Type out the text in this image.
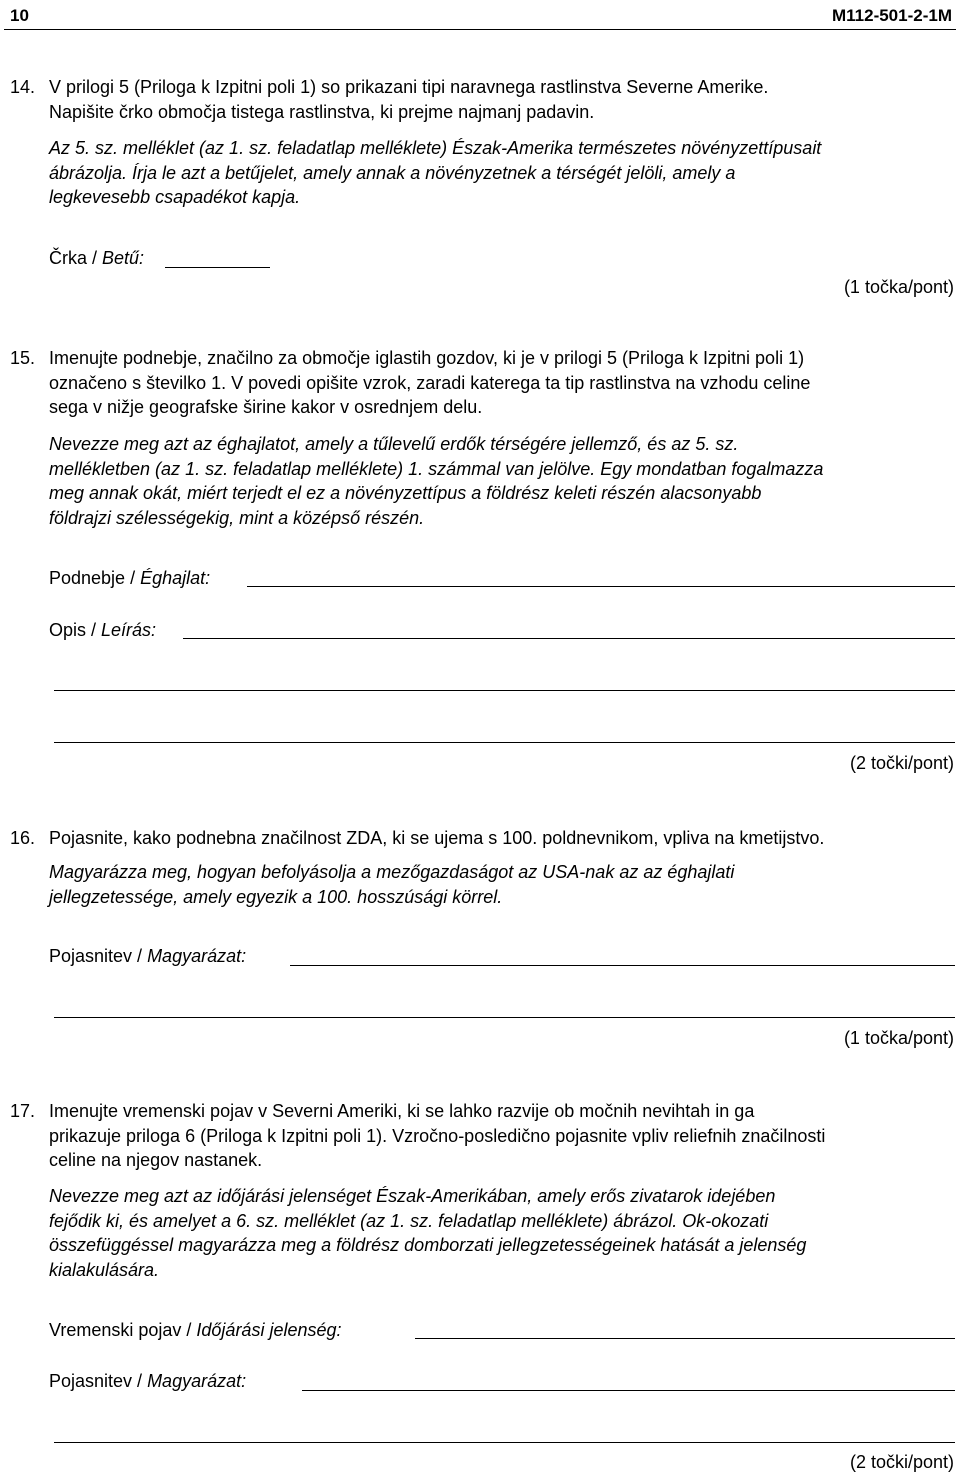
10	M112-501-2-1M
14. V prilogi 5 (Priloga k Izpitni poli 1) so prikazani tipi naravnega rastlinstva Severne Amerike.
Napišite črko območja tistega rastlinstva, ki prejme najmanj padavin.
Az 5. sz. melléklet (az 1. sz. feladatlap melléklete) Észak-Amerika természetes növényzettípusait
ábrázolja. Írja le azt a betűjelet, amely annak a növényzetnek a térségét jelöli, amely a
legkevesebb csapadékot kapja.
Črka / Betű:
(1 točka/pont)
15. Imenujte podnebje, značilno za območje iglastih gozdov, ki je v prilogi 5 (Priloga k Izpitni poli 1)
označeno s številko 1. V povedi opišite vzrok, zaradi katerega ta tip rastlinstva na vzhodu celine
sega v nižje geografske širine kakor v osrednjem delu.
Nevezze meg azt az éghajlatot, amely a tűlevelű erdők térségére jellemző, és az 5. sz.
mellékletben (az 1. sz. feladatlap melléklete) 1. számmal van jelölve. Egy mondatban fogalmazza
meg annak okát, miért terjedt el ez a növényzettípus a földrész keleti részén alacsonyabb
földrajzi szélességekig, mint a középső részén.
Podnebje / Éghajlat:
Opis / Leírás:
(2 točki/pont)
16. Pojasnite, kako podnebna značilnost ZDA, ki se ujema s 100. poldnevnikom, vpliva na kmetijstvo.
Magyarázza meg, hogyan befolyásolja a mezőgazdaságot az USA-nak az az éghajlati
jellegzetessége, amely egyezik a 100. hosszúsági körrel.
Pojasnitev / Magyarázat:
(1 točka/pont)
17. Imenujte vremenski pojav v Severni Ameriki, ki se lahko razvije ob močnih nevihtah in ga
prikazuje priloga 6 (Priloga k Izpitni poli 1). Vzročno-posledično pojasnite vpliv reliefnih značilnosti
celine na njegov nastanek.
Nevezze meg azt az időjárási jelenséget Észak-Amerikában, amely erős zivatarok idejében
fejődik ki, és amelyet a 6. sz. melléklet (az 1. sz. feladatlap melléklete) ábrázol. Ok-okozati
összefüggéssel magyarázza meg a földrész domborzati jellegzetességeinek hatását a jelenség
kialakulására.
Vremenski pojav / Időjárási jelenség:
Pojasnitev / Magyarázat:
(2 točki/pont)
